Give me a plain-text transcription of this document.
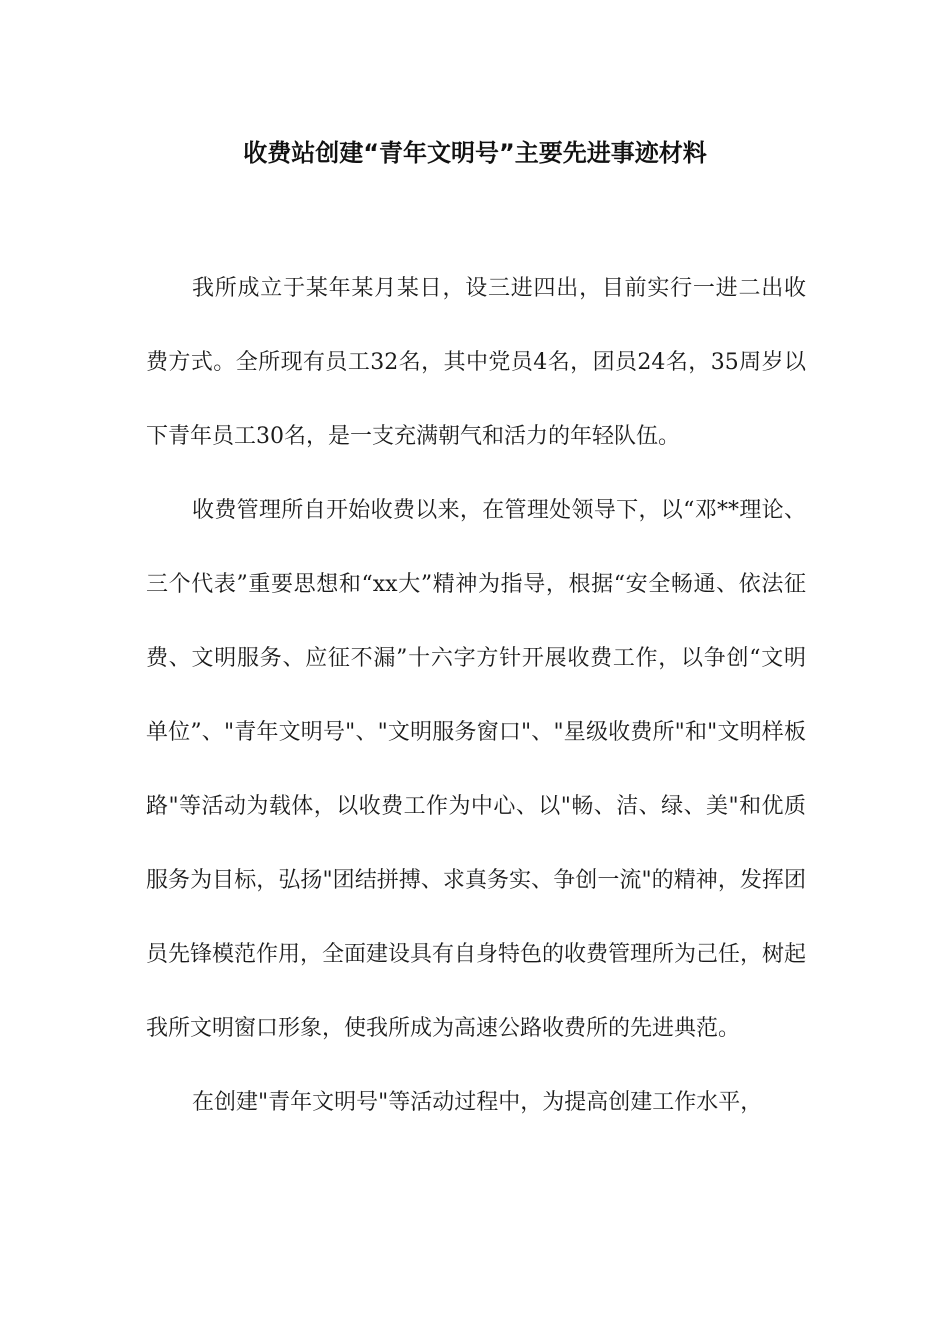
收费站创建“青年文明号”主要先进事迹材料

我所成立于某年某月某日，设三进四出，目前实行一进二出收费方式。全所现有员工32名，其中党员4名，团员24名，35周岁以下青年员工30名，是一支充满朝气和活力的年轻队伍。

收费管理所自开始收费以来，在管理处领导下，以“邓**理论、三个代表”重要思想和“xx大”精神为指导，根据“安全畅通、依法征费、文明服务、应征不漏”十六字方针开展收费工作，以争创“文明单位”、"青年文明号"、"文明服务窗口"、"星级收费所"和"文明样板路"等活动为载体，以收费工作为中心、以"畅、洁、绿、美"和优质服务为目标，弘扬"团结拼搏、求真务实、争创一流"的精神，发挥团员先锋模范作用，全面建设具有自身特色的收费管理所为己任，树起我所文明窗口形象，使我所成为高速公路收费所的先进典范。

在创建"青年文明号"等活动过程中，为提高创建工作水平，
